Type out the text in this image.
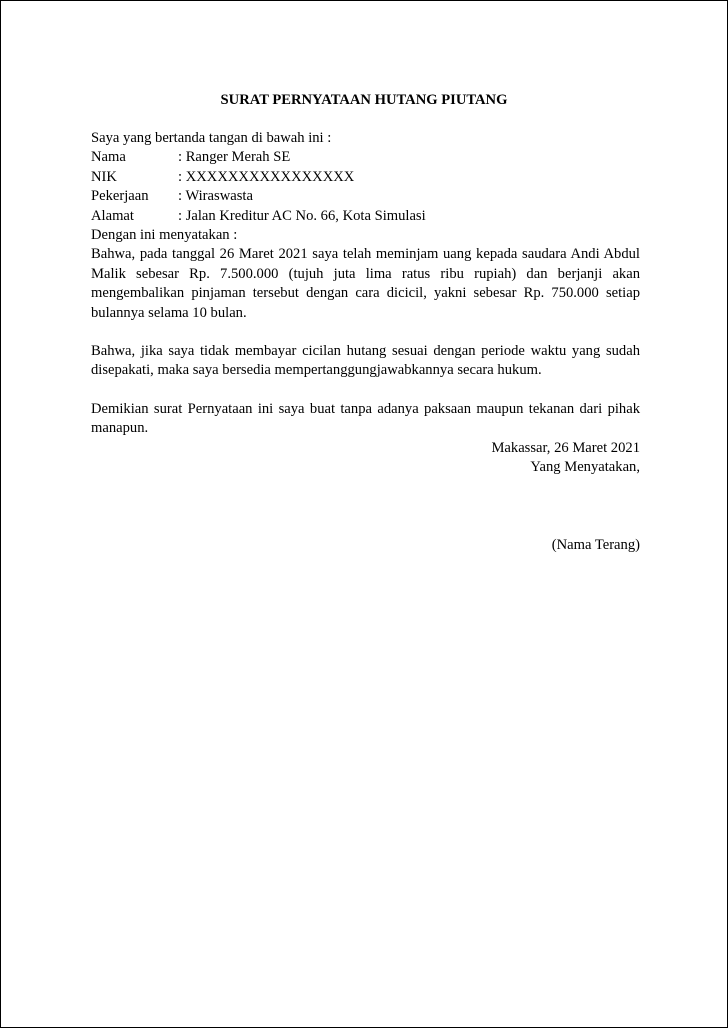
SURAT PERNYATAAN HUTANG PIUTANG

Saya yang bertanda tangan di bawah ini :

Nama	: Ranger Merah SE
NIK	: XXXXXXXXXXXXXXXX
Pekerjaan	: Wiraswasta
Alamat	: Jalan Kreditur AC No. 66, Kota Simulasi

Dengan ini menyatakan :

Bahwa, pada tanggal 26 Maret 2021 saya telah meminjam uang kepada saudara Andi Abdul Malik sebesar Rp. 7.500.000 (tujuh juta lima ratus ribu rupiah) dan berjanji akan mengembalikan pinjaman tersebut dengan cara dicicil, yakni sebesar Rp. 750.000 setiap bulannya selama 10 bulan.

Bahwa, jika saya tidak membayar cicilan hutang sesuai dengan periode waktu yang sudah disepakati, maka saya bersedia mempertanggungjawabkannya secara hukum.

Demikian surat Pernyataan ini saya buat tanpa adanya paksaan maupun tekanan dari pihak manapun.

Makassar, 26 Maret 2021
Yang Menyatakan,
(Nama Terang)
